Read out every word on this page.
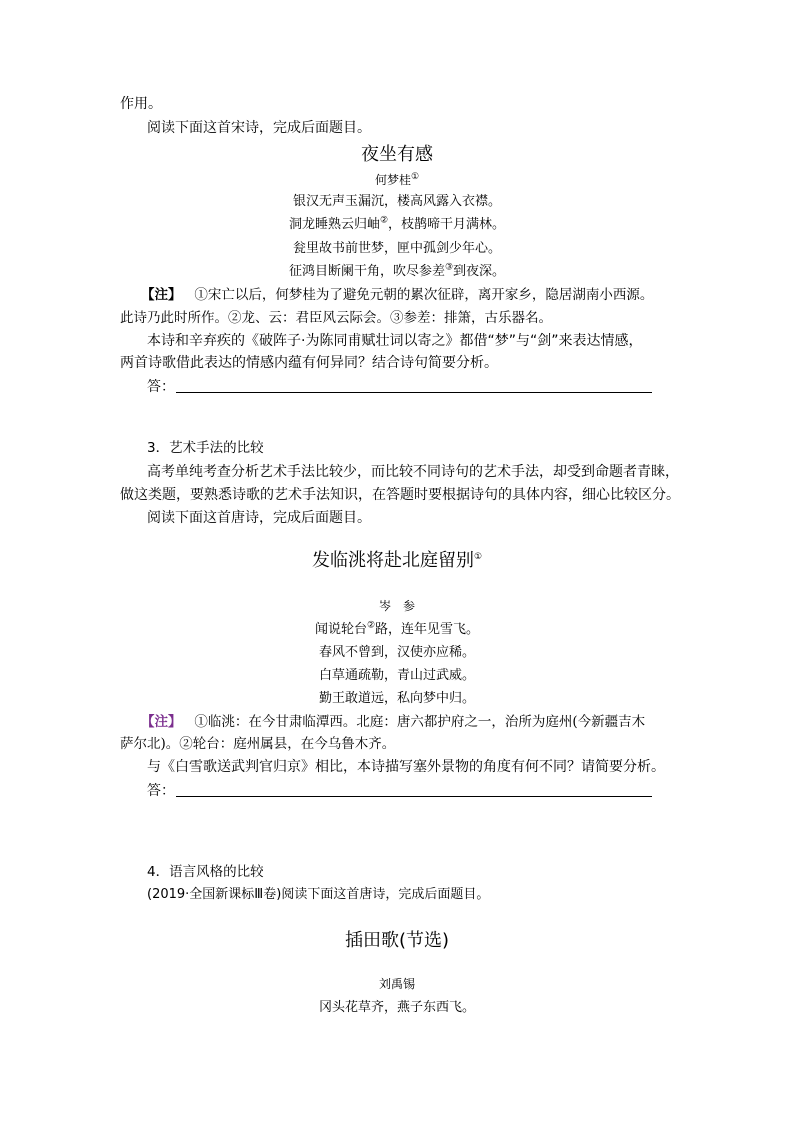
作用。
阅读下面这首宋诗，完成后面题目。
夜坐有感
何梦桂①
银汉无声玉漏沉，楼高风露入衣襟。
洞龙睡熟云归岫②，枝鹊啼干月满林。
瓮里故书前世梦，匣中孤剑少年心。
征鸿目断阑干角，吹尽参差③到夜深。
【注】 ①宋亡以后，何梦桂为了避免元朝的累次征辟，离开家乡，隐居湖南小西源。
此诗乃此时所作。②龙、云：君臣风云际会。③参差：排箫，古乐器名。
本诗和辛弃疾的《破阵子·为陈同甫赋壮词以寄之》都借“梦”与“剑”来表达情感，
两首诗歌借此表达的情感内蕴有何异同？结合诗句简要分析。
答：
3．艺术手法的比较
高考单纯考查分析艺术手法比较少，而比较不同诗句的艺术手法，却受到命题者青睐，
做这类题，要熟悉诗歌的艺术手法知识，在答题时要根据诗句的具体内容，细心比较区分。
阅读下面这首唐诗，完成后面题目。
发临洮将赴北庭留别①
岑　参
闻说轮台②路，连年见雪飞。
春风不曾到，汉使亦应稀。
白草通疏勒，青山过武威。
勤王敢道远，私向梦中归。
【注】 ①临洮：在今甘肃临潭西。北庭：唐六都护府之一，治所为庭州(今新疆吉木
萨尔北)。②轮台：庭州属县，在今乌鲁木齐。
与《白雪歌送武判官归京》相比，本诗描写塞外景物的角度有何不同？请简要分析。
答：
4．语言风格的比较
(2019·全国新课标Ⅲ卷)阅读下面这首唐诗，完成后面题目。
插田歌(节选)
刘禹锡
冈头花草齐，燕子东西飞。
